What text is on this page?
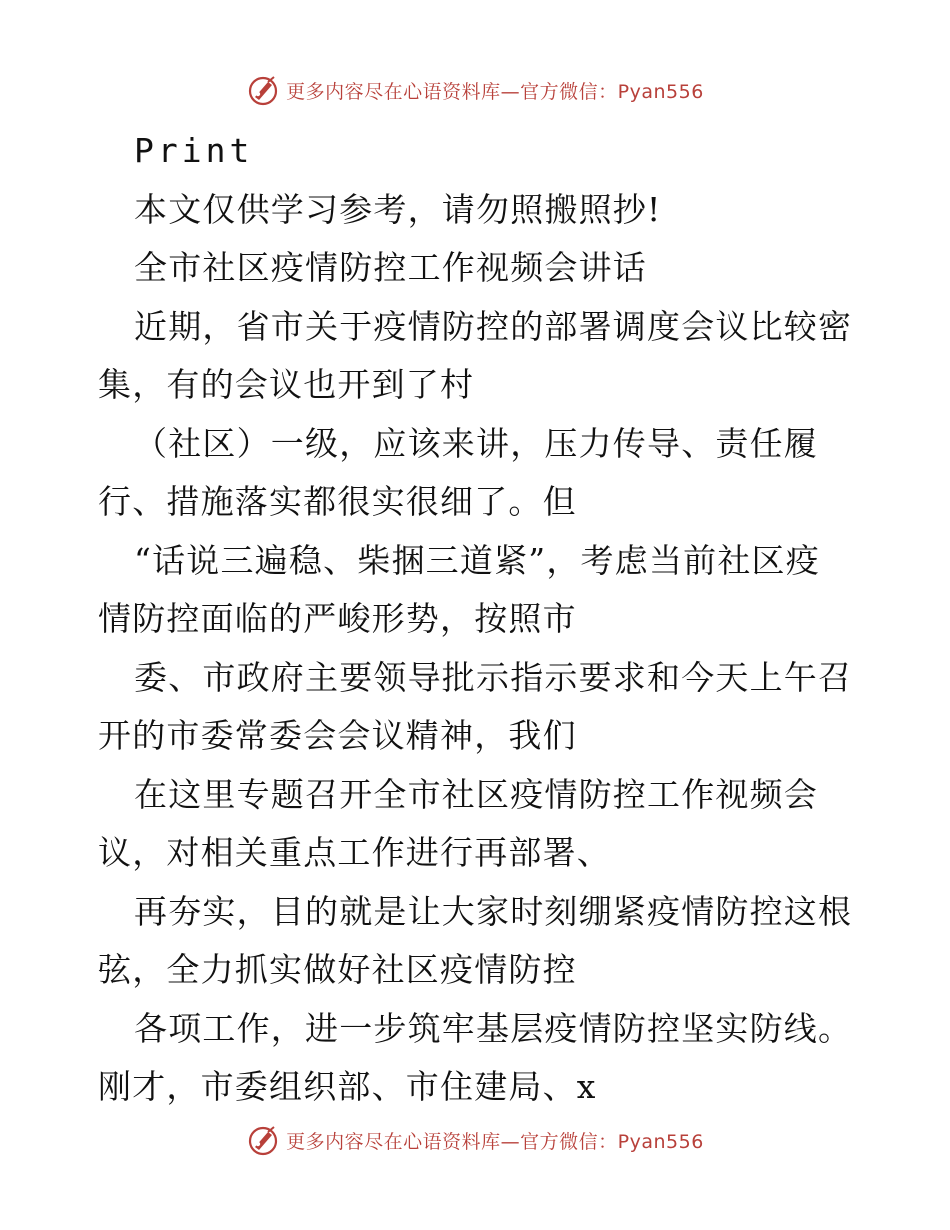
更多内容尽在心语资料库—官方微信：Pyan556
Print
本文仅供学习参考，请勿照搬照抄!
全市社区疫情防控工作视频会讲话
近期，省市关于疫情防控的部署调度会议比较密
集，有的会议也开到了村
（社区）一级，应该来讲，压力传导、责任履
行、措施落实都很实很细了。但
“话说三遍稳、柴捆三道紧”，考虑当前社区疫
情防控面临的严峻形势，按照市
委、市政府主要领导批示指示要求和今天上午召
开的市委常委会会议精神，我们
在这里专题召开全市社区疫情防控工作视频会
议，对相关重点工作进行再部署、
再夯实，目的就是让大家时刻绷紧疫情防控这根
弦，全力抓实做好社区疫情防控
各项工作，进一步筑牢基层疫情防控坚实防线。
刚才，市委组织部、市住建局、x
更多内容尽在心语资料库—官方微信：Pyan556
